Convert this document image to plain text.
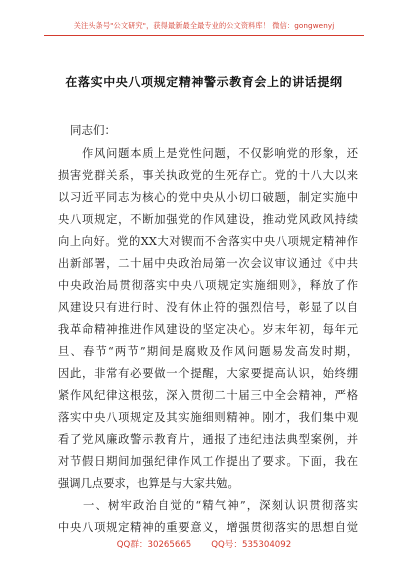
关注头条号"公文研究"，获得最新最全最专业的公文资料库！ 微信：gongwenyj
在落实中央八项规定精神警示教育会上的讲话提纲
同志们：
　　作风问题本质上是党性问题，不仅影响党的形象，还
损害党群关系，事关执政党的生死存亡。党的十八大以来
以习近平同志为核心的党中央从小切口破题，制定实施中
央八项规定，不断加强党的作风建设，推动党风政风持续
向上向好。党的XX大对锲而不舍落实中央八项规定精神作
出新部署，二十届中央政治局第一次会议审议通过《中共
中央政治局贯彻落实中央八项规定实施细则》，释放了作
风建设只有进行时、没有休止符的强烈信号，彰显了以自
我革命精神推进作风建设的坚定决心。岁末年初，每年元
旦、春节“两节”期间是腐败及作风问题易发高发时期，
因此，非常有必要做一个提醒，大家要提高认识，始终绷
紧作风纪律这根弦，深入贯彻二十届三中全会精神，严格
落实中央八项规定及其实施细则精神。刚才，我们集中观
看了党风廉政警示教育片，通报了违纪违法典型案例，并
对节假日期间加强纪律作风工作提出了要求。下面，我在
强调几点要求，也算是与大家共勉。
　　一、树牢政治自觉的“精气神”，深刻认识贯彻落实
中央八项规定精神的重要意义，增强贯彻落实的思想自觉
QQ群：30265665 QQ号：535304092
